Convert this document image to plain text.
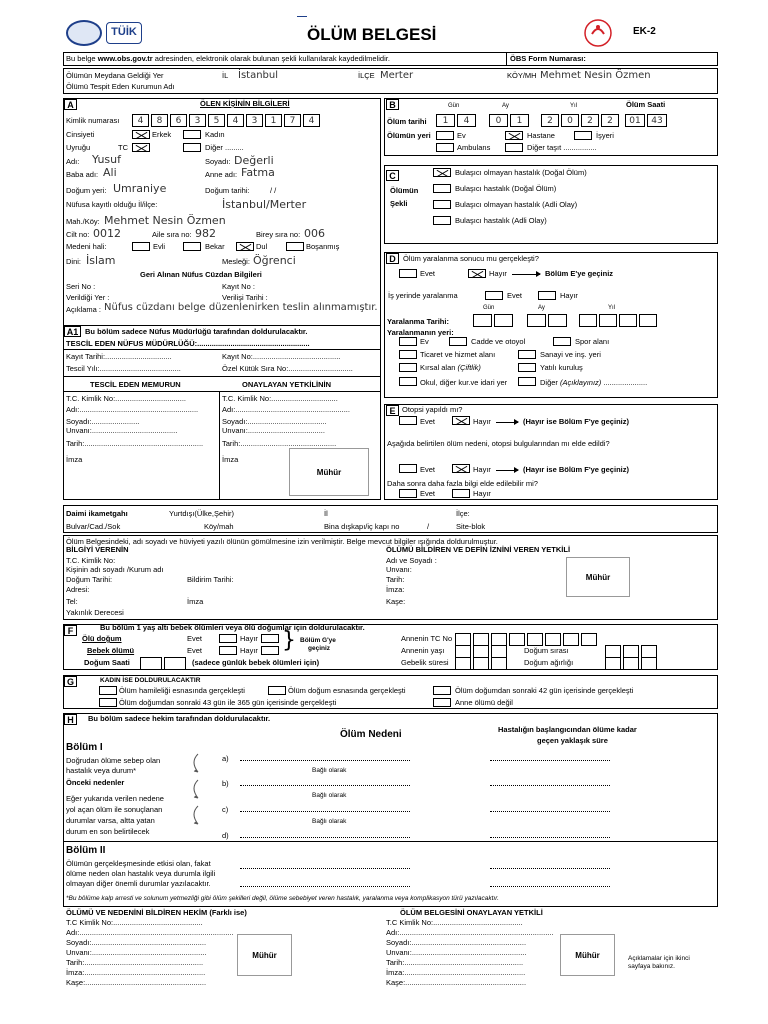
TÜİK	ÖLÜM BELGESİ	EK-2
Bu belge www.obs.gov.tr adresinden, elektronik olarak bulunan şekli kullanılarak kaydedilmelidir.	ÖBS Form Numarası:
Ölümün Meydana Geldiği Yer
Ölümü Tespit Eden Kurumun Adı
İL İstanbul	İLÇE Merter	KÖY/MH Mehmet Nesin Özmen
A	ÖLEN KİŞİNİN BİLGİLERİ
Kimlik numarası	4	8	6	3	5	4	3	1	7	4
Cinsiyeti	Erkek	Kadın
Uyruğu	TC	Diğer .........
Adı: Yusuf	Soyadı: Değerli
Baba adı: Ali	Anne adı: Fatma
Doğum yeri: Umraniye	Doğum tarihi:	/ /
Nüfusa kayıtlı olduğu İl/ilçe:	İstanbul/Merter
Mah./Köy: Mehmet Nesin Özmen
Cilt no: 0012	Aile sıra no: 982	Birey sıra no: 006
Medeni hali:	Evli	Bekar	Dul	Boşanmış
Dini: İslam	Mesleği: Öğrenci
Geri Alınan Nüfus Cüzdan Bilgileri
Seri No :	Kayıt No :
Verildiği Yer :	Verilişi Tarihi :
Açıklama : Nüfus cüzdanı belge düzenlenirken teslin alınmamıştır.
A1 Bu bölüm sadece Nüfus Müdürlüğü tarafından doldurulacaktır.
TESCİL EDEN NÜFUS MÜDÜRLÜĞÜ:......................................................
Kayıt Tarihi:................................	Kayıt No:..........................................
Tescil Yılı:.......................................	Özel Kütük Sıra No:...............................
TESCİL EDEN MEMURUN	ONAYLAYAN YETKİLİNİN
T.C. Kimlik No:..................................
Adı:.........................................................
Soyadı:.......................
Unvanı:.........................................
Tarih:.........................................................
İmza
T.C. Kimlik No:................................
Adı:.......................................................
Soyadı:......................................
Unvanı:.....................................
Tarih:..............................................
İmza
Mühür
B	Gün	Ay	Yıl	Ölüm Saati
Ölüm tarihi	1	4	0	1	2	0	2	2	01	43
Ölümün yeri	Ev	Hastane	İşyeri
Ambulans	Diğer taşıt ................
C
Ölümün
Şekli
Bulaşıcı olmayan hastalık (Doğal Ölüm)
Bulaşıcı hastalık (Doğal Ölüm)
Bulaşıcı olmayan hastalık (Adli Olay)
Bulaşıcı hastalık (Adli Olay)
D Ölüm yaralanma sonucu mu gerçekleşti?
Evet	Hayır	Bölüm E'ye geçiniz
İş yerinde yaralanma	Evet	Hayır
Gün	Ay	Yıl
Yaralanma Tarihi:
Yaralanmanın yeri:
Ev	Cadde ve otoyol	Spor alanı
Ticaret ve hizmet alanı	Sanayi ve inş. yeri
Kırsal alan (Çiftlik)	Yatılı kuruluş
Okul, diğer kur.ve idari yer	Diğer (Açıklayınız) .....................
E Otopsi yapıldı mı?
Evet	Hayır	(Hayır ise Bölüm F'ye geçiniz)
Aşağıda belirtilen ölüm nedeni, otopsi bulgularından mı elde edildi?
Evet	Hayır	(Hayır ise Bölüm F'ye geçiniz)
Daha sonra daha fazla bilgi elde edilebilir mi?
Evet	Hayır
Daimi ikametgahı	Yurtdışı(Ülke,Şehir)	İl	İlçe:
Bulvar/Cad./Sok	Köy/mah	Bina dışkapı/iç kapı no	/	Site-blok
Ölüm Belgesindeki, adı soyadı ve hüviyeti yazılı ölünün gömülmesine izin verilmiştir. Belge mevcut bilgiler ışığında doldurulmuştur.
BİLGİYİ VERENİN	ÖLÜMÜ BİLDİREN VE DEFİN İZNİNİ VEREN YETKİLİ
T.C. Kimlik No:
Kişinin adı soyadı /Kurum adı
Doğum Tarihi:	Bildirim Tarihi:
Adresi:
Tel:	İmza
Yakınlık Derecesi
Adı ve Soyadı :
Unvanı:
Tarih:
İmza:
Kaşe:
Mühür
F	Bu bölüm 1 yaş altı bebek ölümleri veya ölü doğumlar için doldurulacaktır.
Ölü doğum	Evet	Hayır
Bebek ölümü	Evet	Hayır } Bölüm G'ye
geçiniz
Doğum Saati	(sadece günlük bebek ölümleri için)
Annenin TC No
Annenin yaşı
Gebelik süresi
Doğum sırası
Doğum ağırlığı
G	KADIN İSE DOLDURULACAKTIR
Ölüm hamileliği esnasında gerçekleşti	Ölüm doğum esnasında gerçekleşti	Ölüm doğumdan sonraki 42 gün içerisinde gerçekleşti
Ölüm doğumdan sonraki 43 gün ile 365 gün içerisinde gerçekleşti	Anne ölümü değil
H	Bu bölüm sadece hekim tarafından doldurulacaktır.
Ölüm Nedeni	Hastalığın başlangıcından ölüme kadar
geçen yaklaşık süre
Bölüm I
Doğrudan ölüme sebep olan
hastalık veya durum*
Önceki nedenler
Eğer yukarıda verilen nedene
yol açan ölüm ile sonuçlanan
durumlar varsa, altta yatan
durum en son belirtilecek
a)
b)
c)
d)
Bağlı olarak
Bağlı olarak
Bağlı olarak
Bölüm II
Ölümün gerçekleşmesinde etkisi olan, fakat
ölüme neden olan hastalık veya durumla ilgili
olmayan diğer önemli durumlar yazılacaktır.
*Bu bölüme kalp arresti ve solunum yetmezliği gibi ölüm şekilleri değil, ölüme sebebiyet veren hastalık, yaralanma veya komplikasyon türü yazılacaktır.
ÖLÜMÜ VE NEDENİNİ BİLDİREN HEKİM (Farklı ise)	ÖLÜM BELGESİNİ ONAYLAYAN YETKİLİ
T.C Kimlik No:...........................................
Adı:..........................................................................
Soyadı:.......................................................
Unvanı:.......................................................
Tarih:.........................................................
İmza:..........................................................
Kaşe:..........................................................
Mühür
T.C Kimlik No:...........................................
Adı:..........................................................................
Soyadı:.......................................................
Unvanı:.......................................................
Tarih:.........................................................
İmza:..........................................................
Kaşe:..........................................................
Mühür	Açıklamalar için ikinci
sayfaya bakınız.
